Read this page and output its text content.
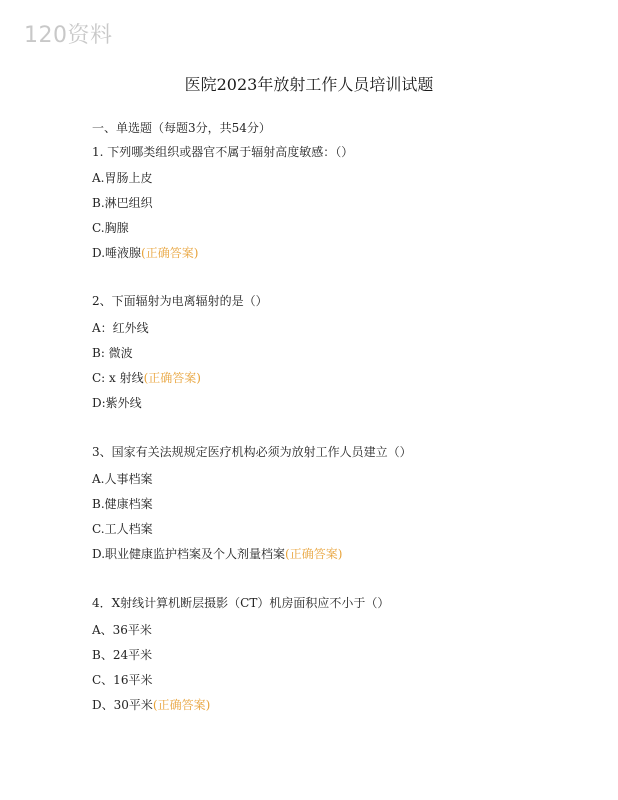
120资料
医院2023年放射工作人员培训试题
一、单选题（每题3分，共54分）
1. 下列哪类组织或器官不属于辐射高度敏感：（）
A.胃肠上皮
B.淋巴组织
C.胸腺
D.唾液腺(正确答案)
2、下面辐射为电离辐射的是（）
A：红外线
B: 微波
C: x 射线(正确答案)
D:紫外线
3、国家有关法规规定医疗机构必须为放射工作人员建立（）
A.人事档案
B.健康档案
C.工人档案
D.职业健康监护档案及个人剂量档案(正确答案)
4．X射线计算机断层摄影（CT）机房面积应不小于（）
A、36平米
B、24平米
C、16平米
D、30平米(正确答案)
